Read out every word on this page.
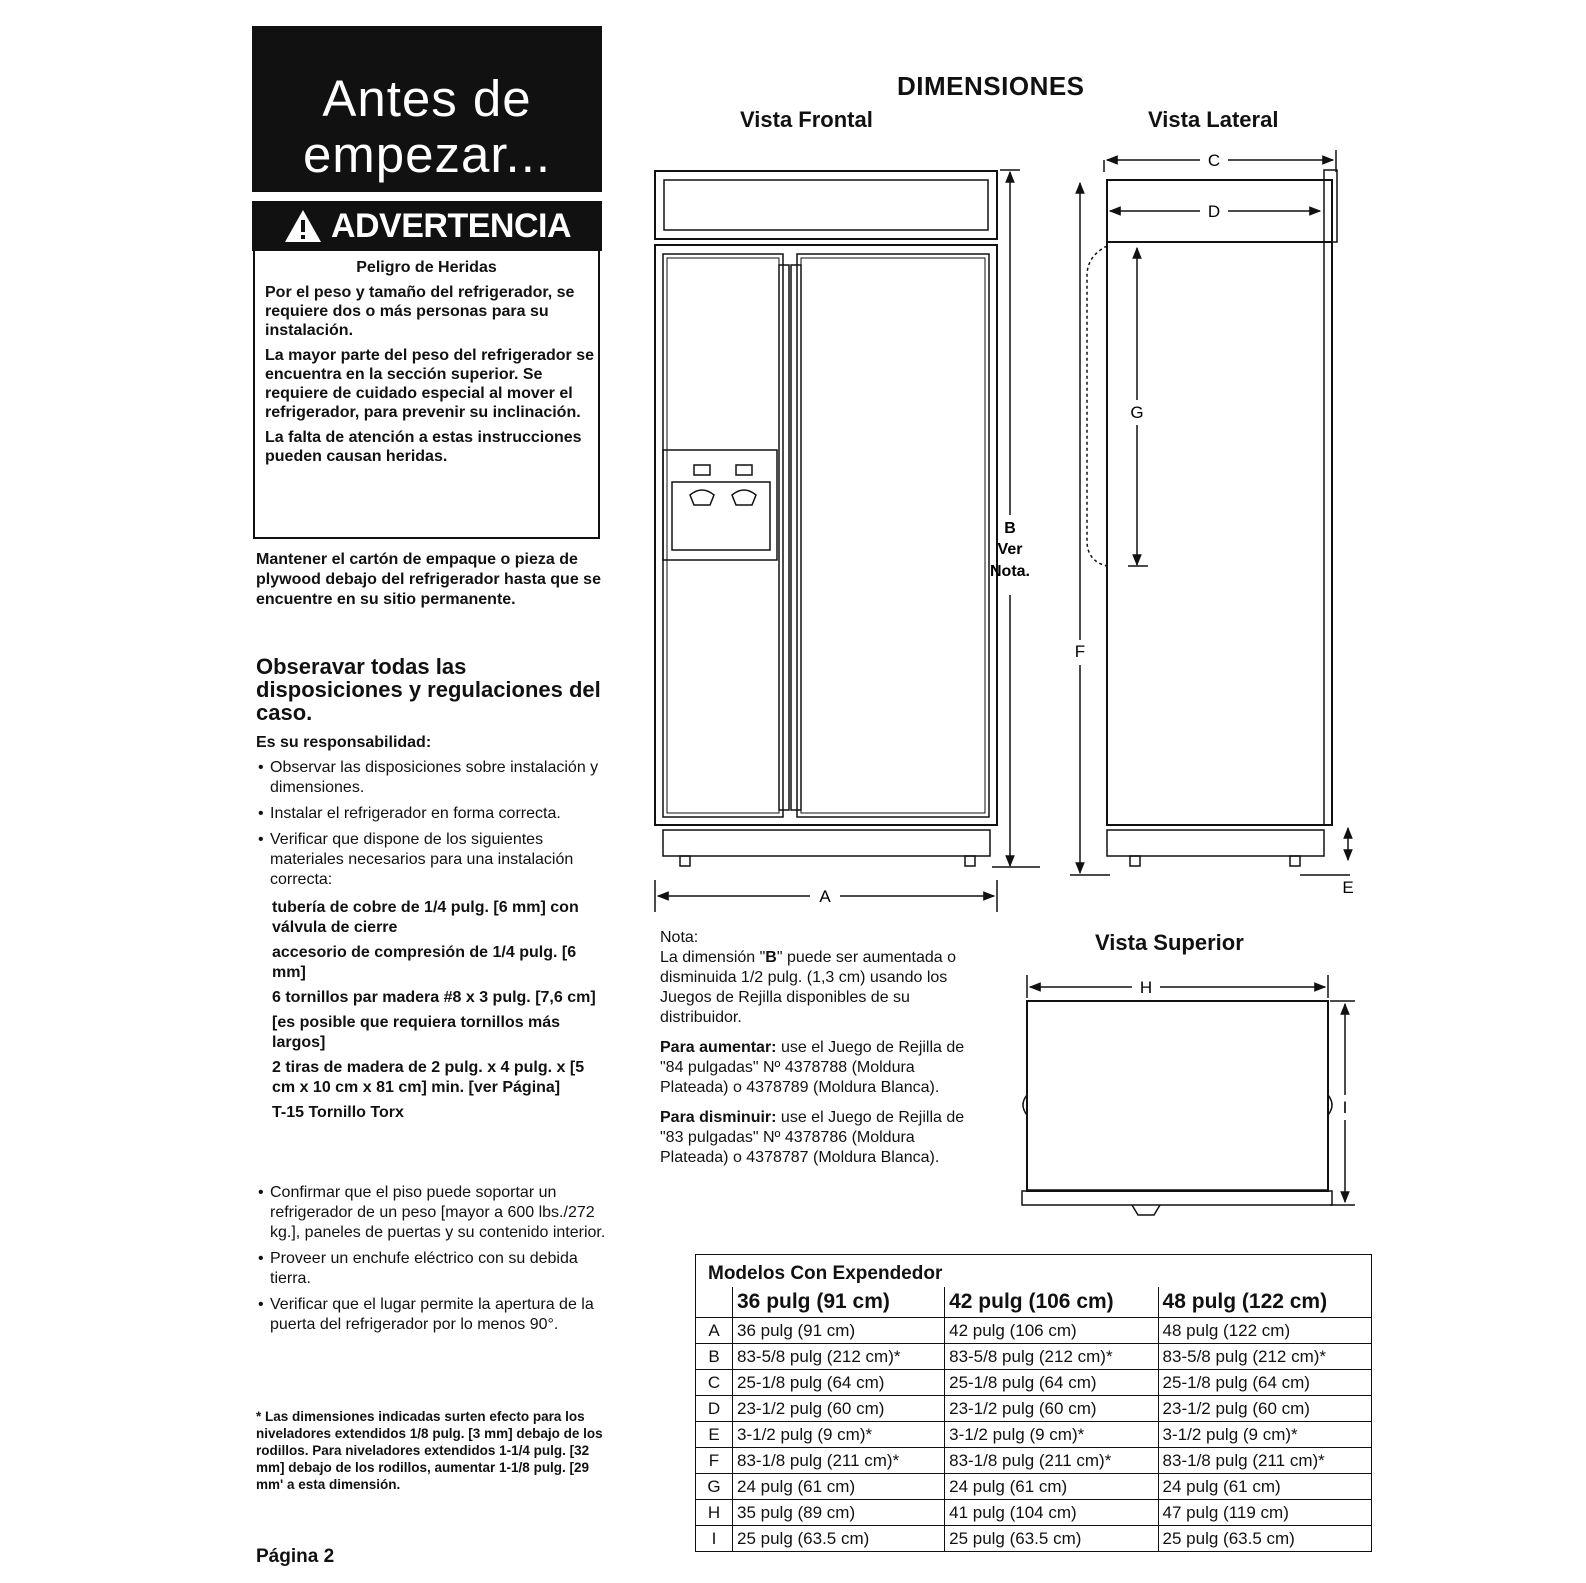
Antes de
empezar...
ADVERTENCIA
Peligro de Heridas

Por el peso y tamaño del refrigerador, se requiere dos o más personas para su instalación.

La mayor parte del peso del refrigerador se encuentra en la sección superior. Se requiere de cuidado especial al mover el refrigerador, para prevenir su inclinación.

La falta de atención a estas instrucciones pueden causan heridas.

Mantener el cartón de empaque o pieza de plywood debajo del refrigerador hasta que se encuentre en su sitio permanente.
Obseravar todas las disposiciones y regulaciones del caso.
Es su responsabilidad:
• Observar las disposiciones sobre instalación y dimensiones.
• Instalar el refrigerador en forma correcta.
• Verificar que dispone de los siguientes materiales necesarios para una instalación correcta:
tubería de cobre de 1/4 pulg. [6 mm] con válvula de cierre
accesorio de compresión de 1/4 pulg. [6 mm]
6 tornillos par madera #8 x 3 pulg. [7,6 cm]
[es posible que requiera tornillos más largos]
2 tiras de madera de 2 pulg. x 4 pulg. x [5 cm x 10 cm x 81 cm] min. [ver Página]
T-15 Tornillo Torx
• Confirmar que el piso puede soportar un refrigerador de un peso [mayor a 600 lbs./272 kg.], paneles de puertas y su contenido interior.
• Proveer un enchufe eléctrico con su debida tierra.
• Verificar que el lugar permite la apertura de la puerta del refrigerador por lo menos 90°.
* Las dimensiones indicadas surten efecto para los niveladores extendidos 1/8 pulg. [3 mm] debajo de los rodillos. Para niveladores extendidos 1-1/4 pulg. [32 mm] debajo de los rodillos, aumentar 1-1/8 pulg. [29 mm' a esta dimensión.
Página 2
DIMENSIONES
Vista Frontal	Vista Lateral
Vista Superior
A
B
Ver
Nota.
C
D
G
F
E
H
I

Nota:
La dimensión "B" puede ser aumentada o disminuida 1/2 pulg. (1,3 cm) usando los Juegos de Rejilla disponibles de su distribuidor.

Para aumentar: use el Juego de Rejilla de "84 pulgadas" Nº 4378788 (Moldura Plateada) o 4378789 (Moldura Blanca).

Para disminuir: use el Juego de Rejilla de "83 pulgadas" Nº 4378786 (Moldura Plateada) o 4378787 (Moldura Blanca).

Modelos Con Expendedor			
	36 pulg (91 cm)	42 pulg (106 cm)	48 pulg (122 cm)
A	36 pulg (91 cm)	42 pulg (106 cm)	48 pulg (122 cm)
B	83-5/8 pulg (212 cm)*	83-5/8 pulg (212 cm)*	83-5/8 pulg (212 cm)*
C	25-1/8 pulg (64 cm)	25-1/8 pulg (64 cm)	25-1/8 pulg (64 cm)
D	23-1/2 pulg (60 cm)	23-1/2 pulg (60 cm)	23-1/2 pulg (60 cm)
E	3-1/2 pulg (9 cm)*	3-1/2 pulg (9 cm)*	3-1/2 pulg (9 cm)*
F	83-1/8 pulg (211 cm)*	83-1/8 pulg (211 cm)*	83-1/8 pulg (211 cm)*
G	24 pulg (61 cm)	24 pulg (61 cm)	24 pulg (61 cm)
H	35 pulg (89 cm)	41 pulg (104 cm)	47 pulg (119 cm)
I	25 pulg (63.5 cm)	25 pulg (63.5 cm)	25 pulg (63.5 cm)
